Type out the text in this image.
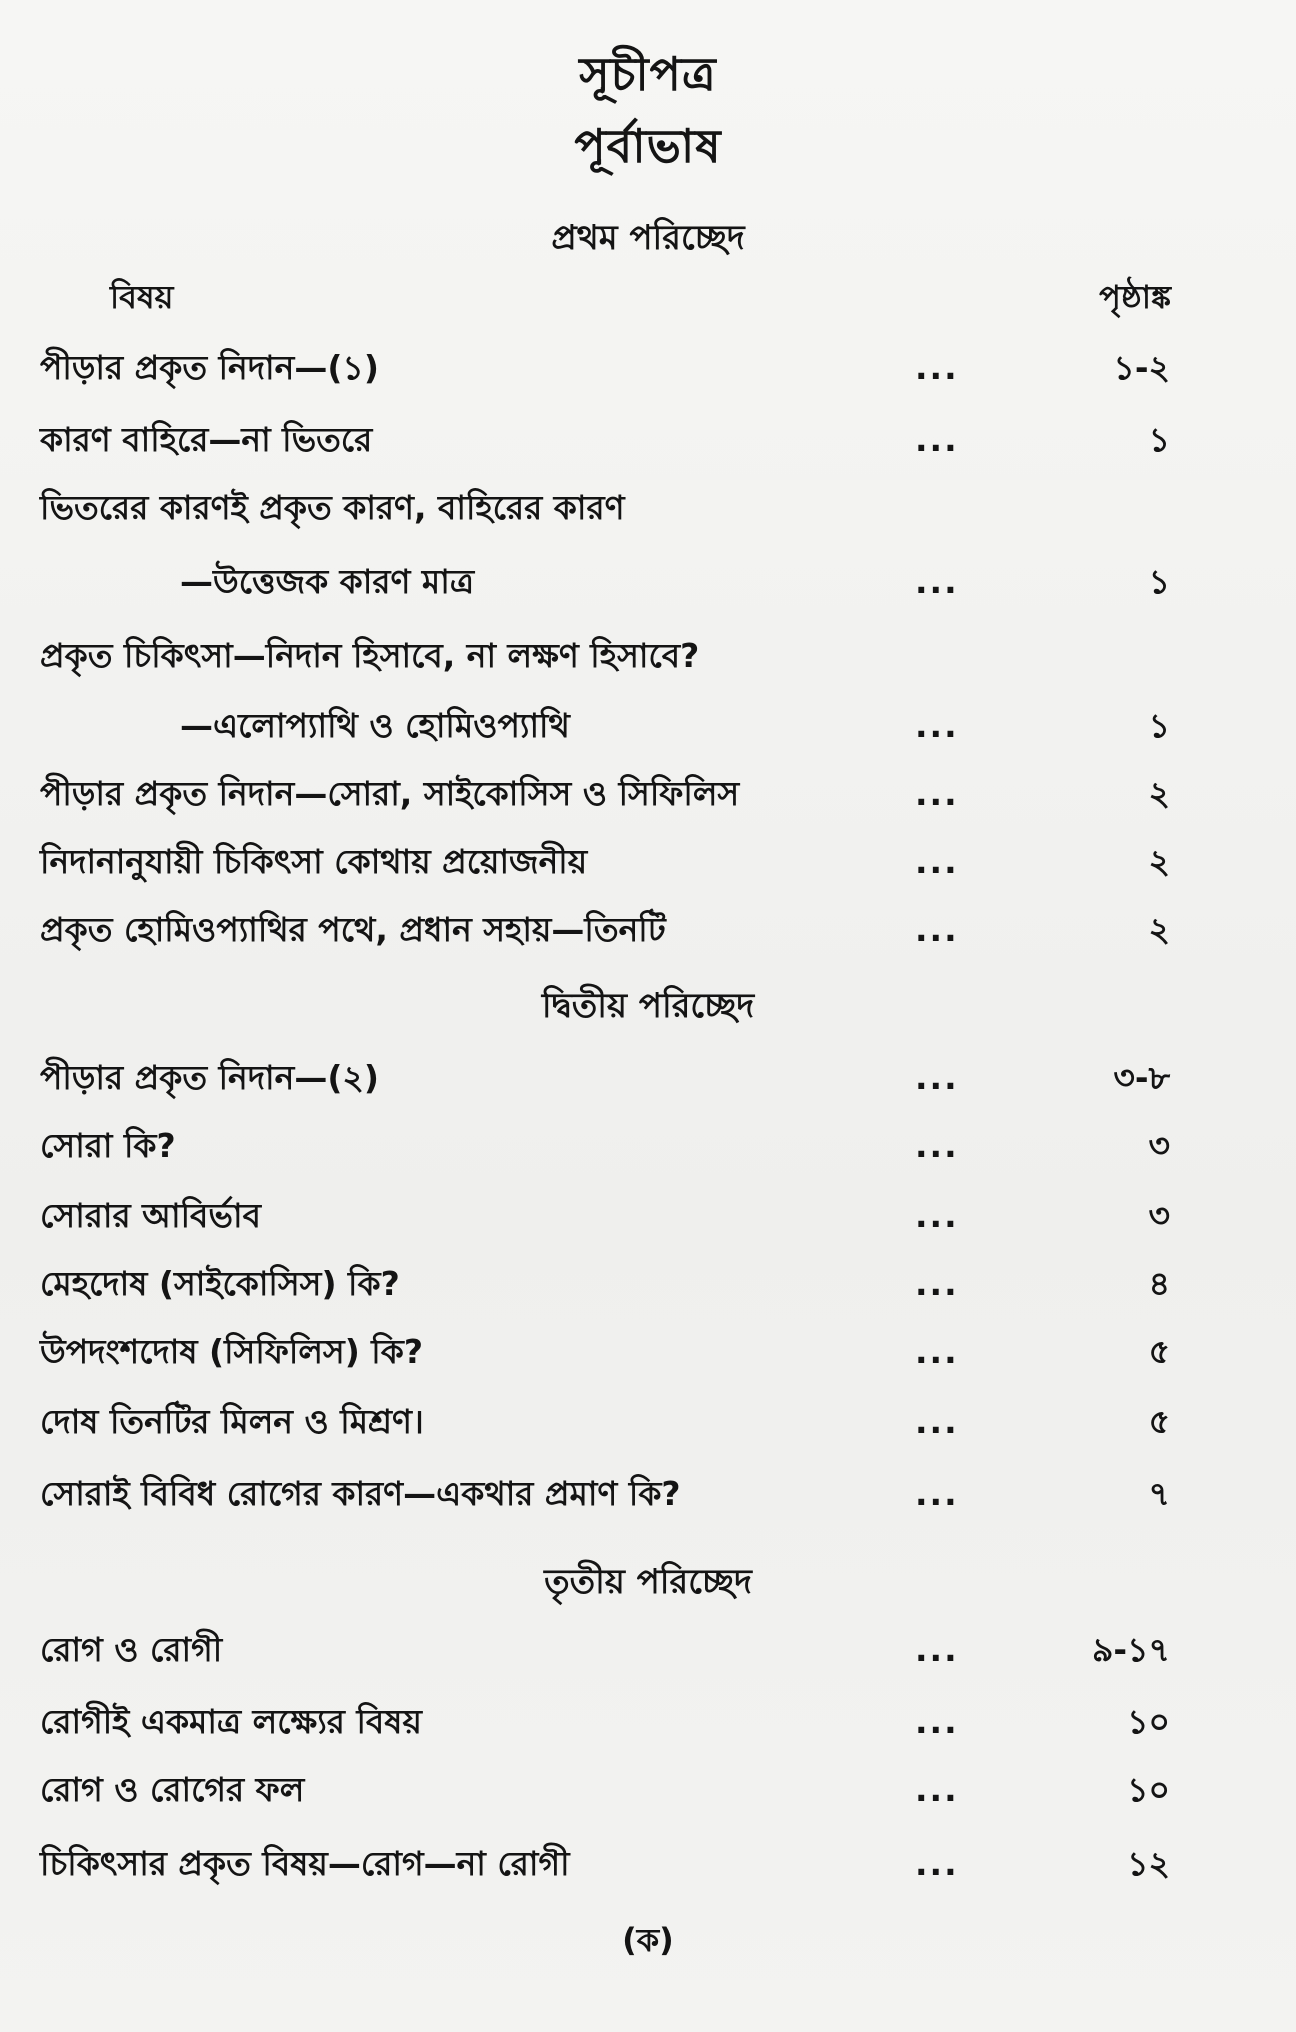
সূচীপত্র
পূর্বাভাষ
প্রথম পরিচ্ছেদ
বিষয়	পৃষ্ঠাঙ্ক
পীড়ার প্রকৃত নিদান—(১)	...	১-২
কারণ বাহিরে—না ভিতরে	...	১
ভিতরের কারণই প্রকৃত কারণ, বাহিরের কারণ
—উত্তেজক কারণ মাত্র	...	১
প্রকৃত চিকিৎসা—নিদান হিসাবে, না লক্ষণ হিসাবে?
—এলোপ্যাথি ও হোমিওপ্যাথি	...	১
পীড়ার প্রকৃত নিদান—সোরা, সাইকোসিস ও সিফিলিস	...	২
নিদানানুযায়ী চিকিৎসা কোথায় প্রয়োজনীয়	...	২
প্রকৃত হোমিওপ্যাথির পথে, প্রধান সহায়—তিনটি	...	২
দ্বিতীয় পরিচ্ছেদ
পীড়ার প্রকৃত নিদান—(২)	...	৩-৮
সোরা কি?	...	৩
সোরার আবির্ভাব	...	৩
মেহদোষ (সাইকোসিস) কি?	...	৪
উপদংশদোষ (সিফিলিস) কি?	...	৫
দোষ তিনটির মিলন ও মিশ্রণ।	...	৫
সোরাই বিবিধ রোগের কারণ—একথার প্রমাণ কি?	...	৭
তৃতীয় পরিচ্ছেদ
রোগ ও রোগী	...	৯-১৭
রোগীই একমাত্র লক্ষ্যের বিষয়	...	১০
রোগ ও রোগের ফল	...	১০
চিকিৎসার প্রকৃত বিষয়—রোগ—না রোগী	...	১২
(ক)
